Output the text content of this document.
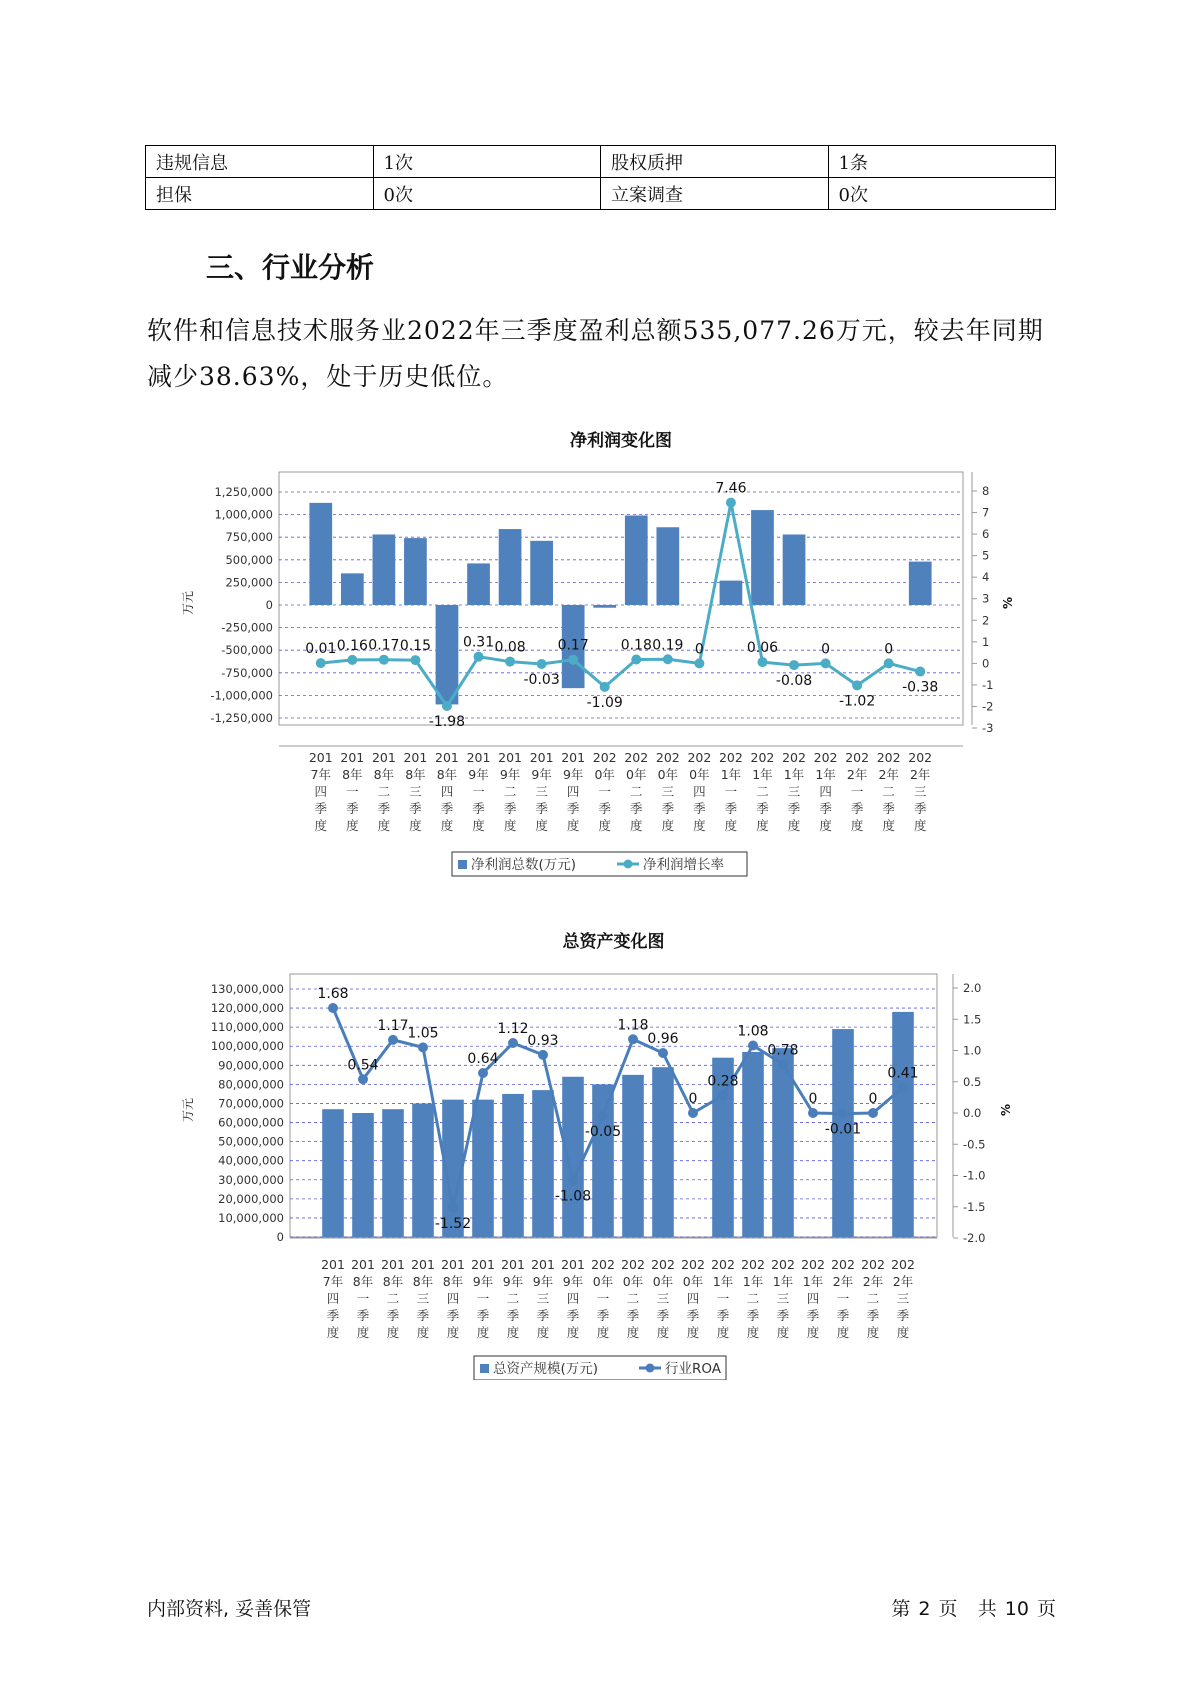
违规信息	1次	股权质押	1条
担保	0次	立案调查	0次
三、行业分析

软件和信息技术服务业2022年三季度盈利总额535,077.26万元，较去年同期减少38.63%，处于历史低位。

净利润变化图
1,250,000
1,000,000
750,000
500,000
250,000
0
-250,000
-500,000
-750,000
-1,000,000
-1,250,000
8
7
6
5
4
3
2
1
0
-1
-2
-3
万元	%
0.01 0.16 0.17 0.15
-1.98
0.31 0.08
-0.03
0.17
-1.09
0.18 0.19 0
7.46
0.06
-0.08
0
-1.02
0
-0.38
201
7年
四
季
度
201
8年
一
季
度
201
8年
二
季
度
201
8年
三
季
度
201
8年
四
季
度
201
9年
一
季
度
201
9年
二
季
度
201
9年
三
季
度
201
9年
四
季
度
202
0年
一
季
度
202
0年
二
季
度
202
0年
三
季
度
202
0年
四
季
度
202
1年
一
季
度
202
1年
二
季
度
202
1年
三
季
度
202
1年
四
季
度
202
2年
一
季
度
202
2年
二
季
度
202
2年
三
季
度
净利润总数(万元)	净利润增长率
总资产变化图
130,000,000
120,000,000
110,000,000
100,000,000
90,000,000
80,000,000
70,000,000
60,000,000
50,000,000
40,000,000
30,000,000
20,000,000
10,000,000
0
2.0
1.5
1.0
0.5
0.0
-0.5
-1.0
-1.5
-2.0
万元	%
1.68
0.54
1.17
1.05
-1.52
0.64
1.12
0.93
-1.08
-0.05
1.18
0.96
0
0.28
1.08
0.78
0
-0.01
0
0.41
201
7年
四
季
度
201
8年
一
季
度
201
8年
二
季
度
201
8年
三
季
度
201
8年
四
季
度
201
9年
一
季
度
201
9年
二
季
度
201
9年
三
季
度
201
9年
四
季
度
202
0年
一
季
度
202
0年
二
季
度
202
0年
三
季
度
202
0年
四
季
度
202
1年
一
季
度
202
1年
二
季
度
202
1年
三
季
度
202
1年
四
季
度
202
2年
一
季
度
202
2年
二
季
度
202
2年
三
季
度
总资产规模(万元)	行业ROA
内部资料, 妥善保管	第 2 页 共 10 页
